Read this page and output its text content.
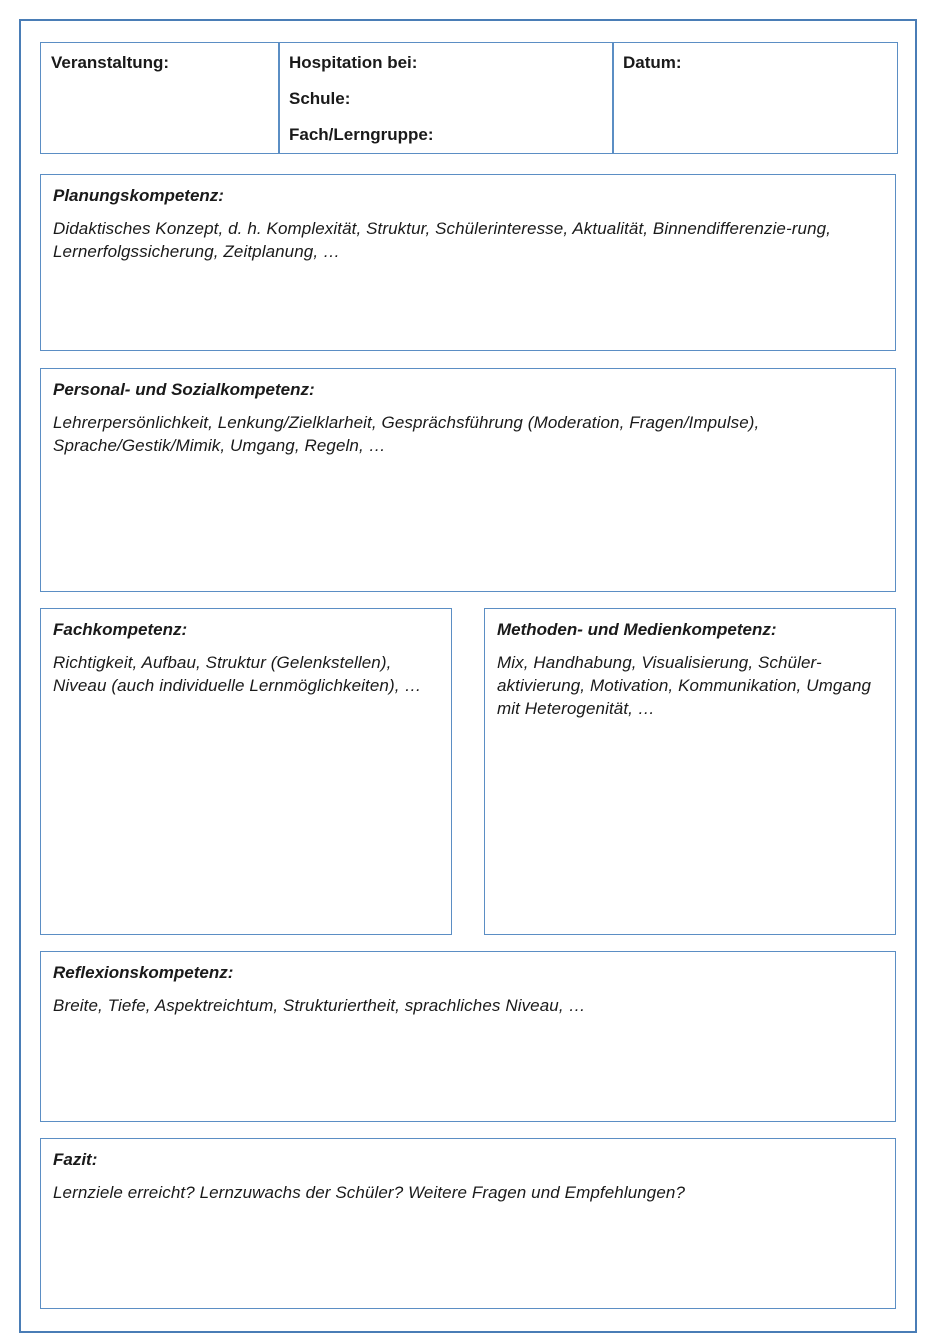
Veranstaltung:	Hospitation bei:
Schule:
Fach/Lerngruppe:
Datum:
Planungskompetenz:
Didaktisches Konzept, d. h. Komplexität, Struktur, Schülerinteresse, Aktualität, Binnendifferenzie-rung, Lernerfolgssicherung, Zeitplanung, …
Personal- und Sozialkompetenz:
Lehrerpersönlichkeit, Lenkung/Zielklarheit, Gesprächsführung (Moderation, Fragen/Impulse), Sprache/Gestik/Mimik, Umgang, Regeln, …
Fachkompetenz:
Richtigkeit, Aufbau, Struktur (Gelenkstellen), Niveau (auch individuelle Lernmöglichkeiten), …
Methoden- und Medienkompetenz:
Mix, Handhabung, Visualisierung, Schüler-aktivierung, Motivation, Kommunikation, Umgang mit Heterogenität, …
Reflexionskompetenz:
Breite, Tiefe, Aspektreichtum, Strukturiertheit, sprachliches Niveau, …
Fazit:
Lernziele erreicht? Lernzuwachs der Schüler? Weitere Fragen und Empfehlungen?
